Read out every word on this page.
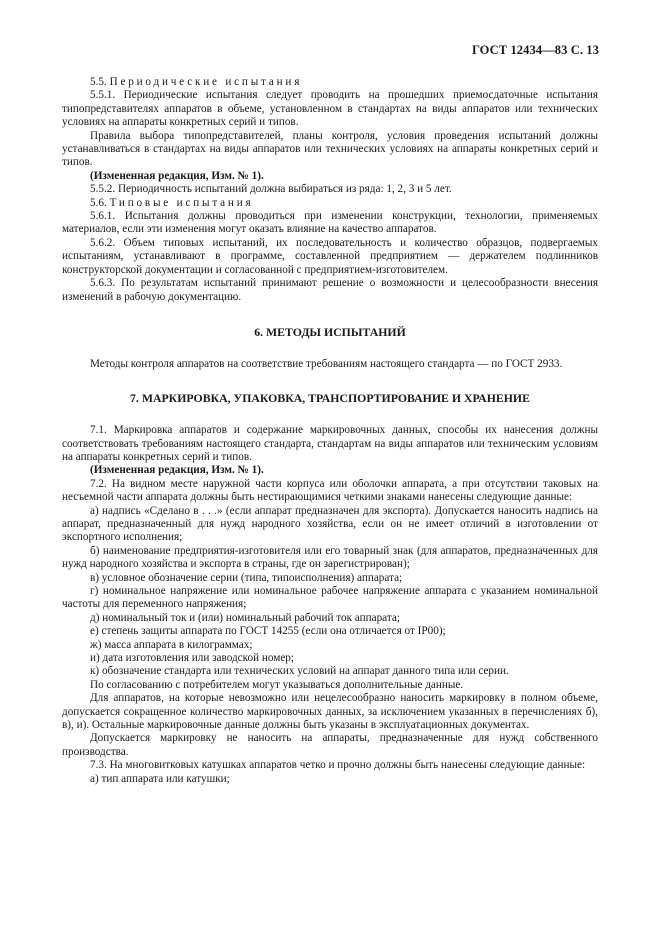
ГОСТ 12434—83 С. 13

5.5. Периодические испытания

5.5.1. Периодические испытания следует проводить на прошедших приемосдаточные испытания типопредставителях аппаратов в объеме, установленном в стандартах на виды аппаратов или технических условиях на аппараты конкретных серий и типов.

Правила выбора типопредставителей, планы контроля, условия проведения испытаний должны устанавливаться в стандартах на виды аппаратов или технических условиях на аппараты конкретных серий и типов.

(Измененная редакция, Изм. № 1).

5.5.2. Периодичность испытаний должна выбираться из ряда: 1, 2, 3 и 5 лет.

5.6. Типовые испытания

5.6.1. Испытания должны проводиться при изменении конструкции, технологии, применяемых материалов, если эти изменения могут оказать влияние на качество аппаратов.

5.6.2. Объем типовых испытаний, их последовательность и количество образцов, подвергаемых испытаниям, устанавливают в программе, составленной предприятием — держателем подлинников конструкторской документации и согласованной с предприятием-изготовителем.

5.6.3. По результатам испытаний принимают решение о возможности и целесообразности внесения изменений в рабочую документацию.

6. МЕТОДЫ ИСПЫТАНИЙ

Методы контроля аппаратов на соответствие требованиям настоящего стандарта — по ГОСТ 2933.

7. МАРКИРОВКА, УПАКОВКА, ТРАНСПОРТИРОВАНИЕ И ХРАНЕНИЕ

7.1. Маркировка аппаратов и содержание маркировочных данных, способы их нанесения должны соответствовать требованиям настоящего стандарта, стандартам на виды аппаратов или техническим условиям на аппараты конкретных серий и типов.

(Измененная редакция, Изм. № 1).

7.2. На видном месте наружной части корпуса или оболочки аппарата, а при отсутствии таковых на несъемной части аппарата должны быть нестирающимися четкими знаками нанесены следующие данные:

а) надпись «Сделано в . . .» (если аппарат предназначен для экспорта). Допускается наносить надпись на аппарат, предназначенный для нужд народного хозяйства, если он не имеет отличий в изготовлении от экспортного исполнения;

б) наименование предприятия-изготовителя или его товарный знак (для аппаратов, предназначенных для нужд народного хозяйства и экспорта в страны, где он зарегистрирован);

в) условное обозначение серии (типа, типоисполнения) аппарата;

г) номинальное напряжение или номинальное рабочее напряжение аппарата с указанием номинальной частоты для переменного напряжения;

д) номинальный ток и (или) номинальный рабочий ток аппарата;

е) степень защиты аппарата по ГОСТ 14255 (если она отличается от IP00);

ж) масса аппарата в килограммах;

и) дата изготовления или заводской номер;

к) обозначение стандарта или технических условий на аппарат данного типа или серии.

По согласованию с потребителем могут указываться дополнительные данные.

Для аппаратов, на которые невозможно или нецелесообразно наносить маркировку в полном объеме, допускается сокращенное количество маркировочных данных, за исключением указанных в перечислениях б), в), и). Остальные маркировочные данные должны быть указаны в эксплуатационных документах.

Допускается маркировку не наносить на аппараты, предназначенные для нужд собственного производства.

7.3. На многовитковых катушках аппаратов четко и прочно должны быть нанесены следующие данные:

а) тип аппарата или катушки;
